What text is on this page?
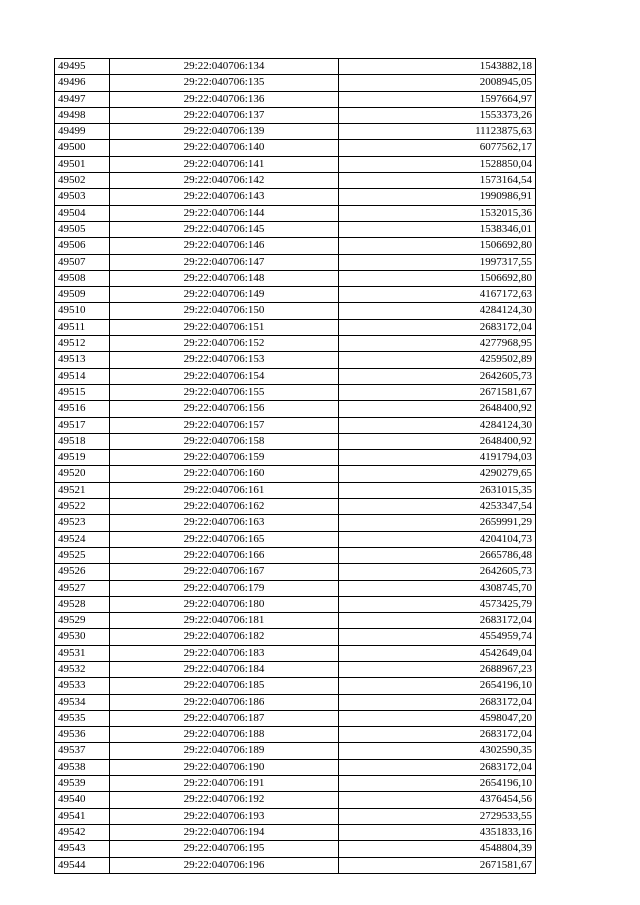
49495	29:22:040706:134	1543882,18
49496	29:22:040706:135	2008945,05
49497	29:22:040706:136	1597664,97
49498	29:22:040706:137	1553373,26
49499	29:22:040706:139	11123875,63
49500	29:22:040706:140	6077562,17
49501	29:22:040706:141	1528850,04
49502	29:22:040706:142	1573164,54
49503	29:22:040706:143	1990986,91
49504	29:22:040706:144	1532015,36
49505	29:22:040706:145	1538346,01
49506	29:22:040706:146	1506692,80
49507	29:22:040706:147	1997317,55
49508	29:22:040706:148	1506692,80
49509	29:22:040706:149	4167172,63
49510	29:22:040706:150	4284124,30
49511	29:22:040706:151	2683172,04
49512	29:22:040706:152	4277968,95
49513	29:22:040706:153	4259502,89
49514	29:22:040706:154	2642605,73
49515	29:22:040706:155	2671581,67
49516	29:22:040706:156	2648400,92
49517	29:22:040706:157	4284124,30
49518	29:22:040706:158	2648400,92
49519	29:22:040706:159	4191794,03
49520	29:22:040706:160	4290279,65
49521	29:22:040706:161	2631015,35
49522	29:22:040706:162	4253347,54
49523	29:22:040706:163	2659991,29
49524	29:22:040706:165	4204104,73
49525	29:22:040706:166	2665786,48
49526	29:22:040706:167	2642605,73
49527	29:22:040706:179	4308745,70
49528	29:22:040706:180	4573425,79
49529	29:22:040706:181	2683172,04
49530	29:22:040706:182	4554959,74
49531	29:22:040706:183	4542649,04
49532	29:22:040706:184	2688967,23
49533	29:22:040706:185	2654196,10
49534	29:22:040706:186	2683172,04
49535	29:22:040706:187	4598047,20
49536	29:22:040706:188	2683172,04
49537	29:22:040706:189	4302590,35
49538	29:22:040706:190	2683172,04
49539	29:22:040706:191	2654196,10
49540	29:22:040706:192	4376454,56
49541	29:22:040706:193	2729533,55
49542	29:22:040706:194	4351833,16
49543	29:22:040706:195	4548804,39
49544	29:22:040706:196	2671581,67
